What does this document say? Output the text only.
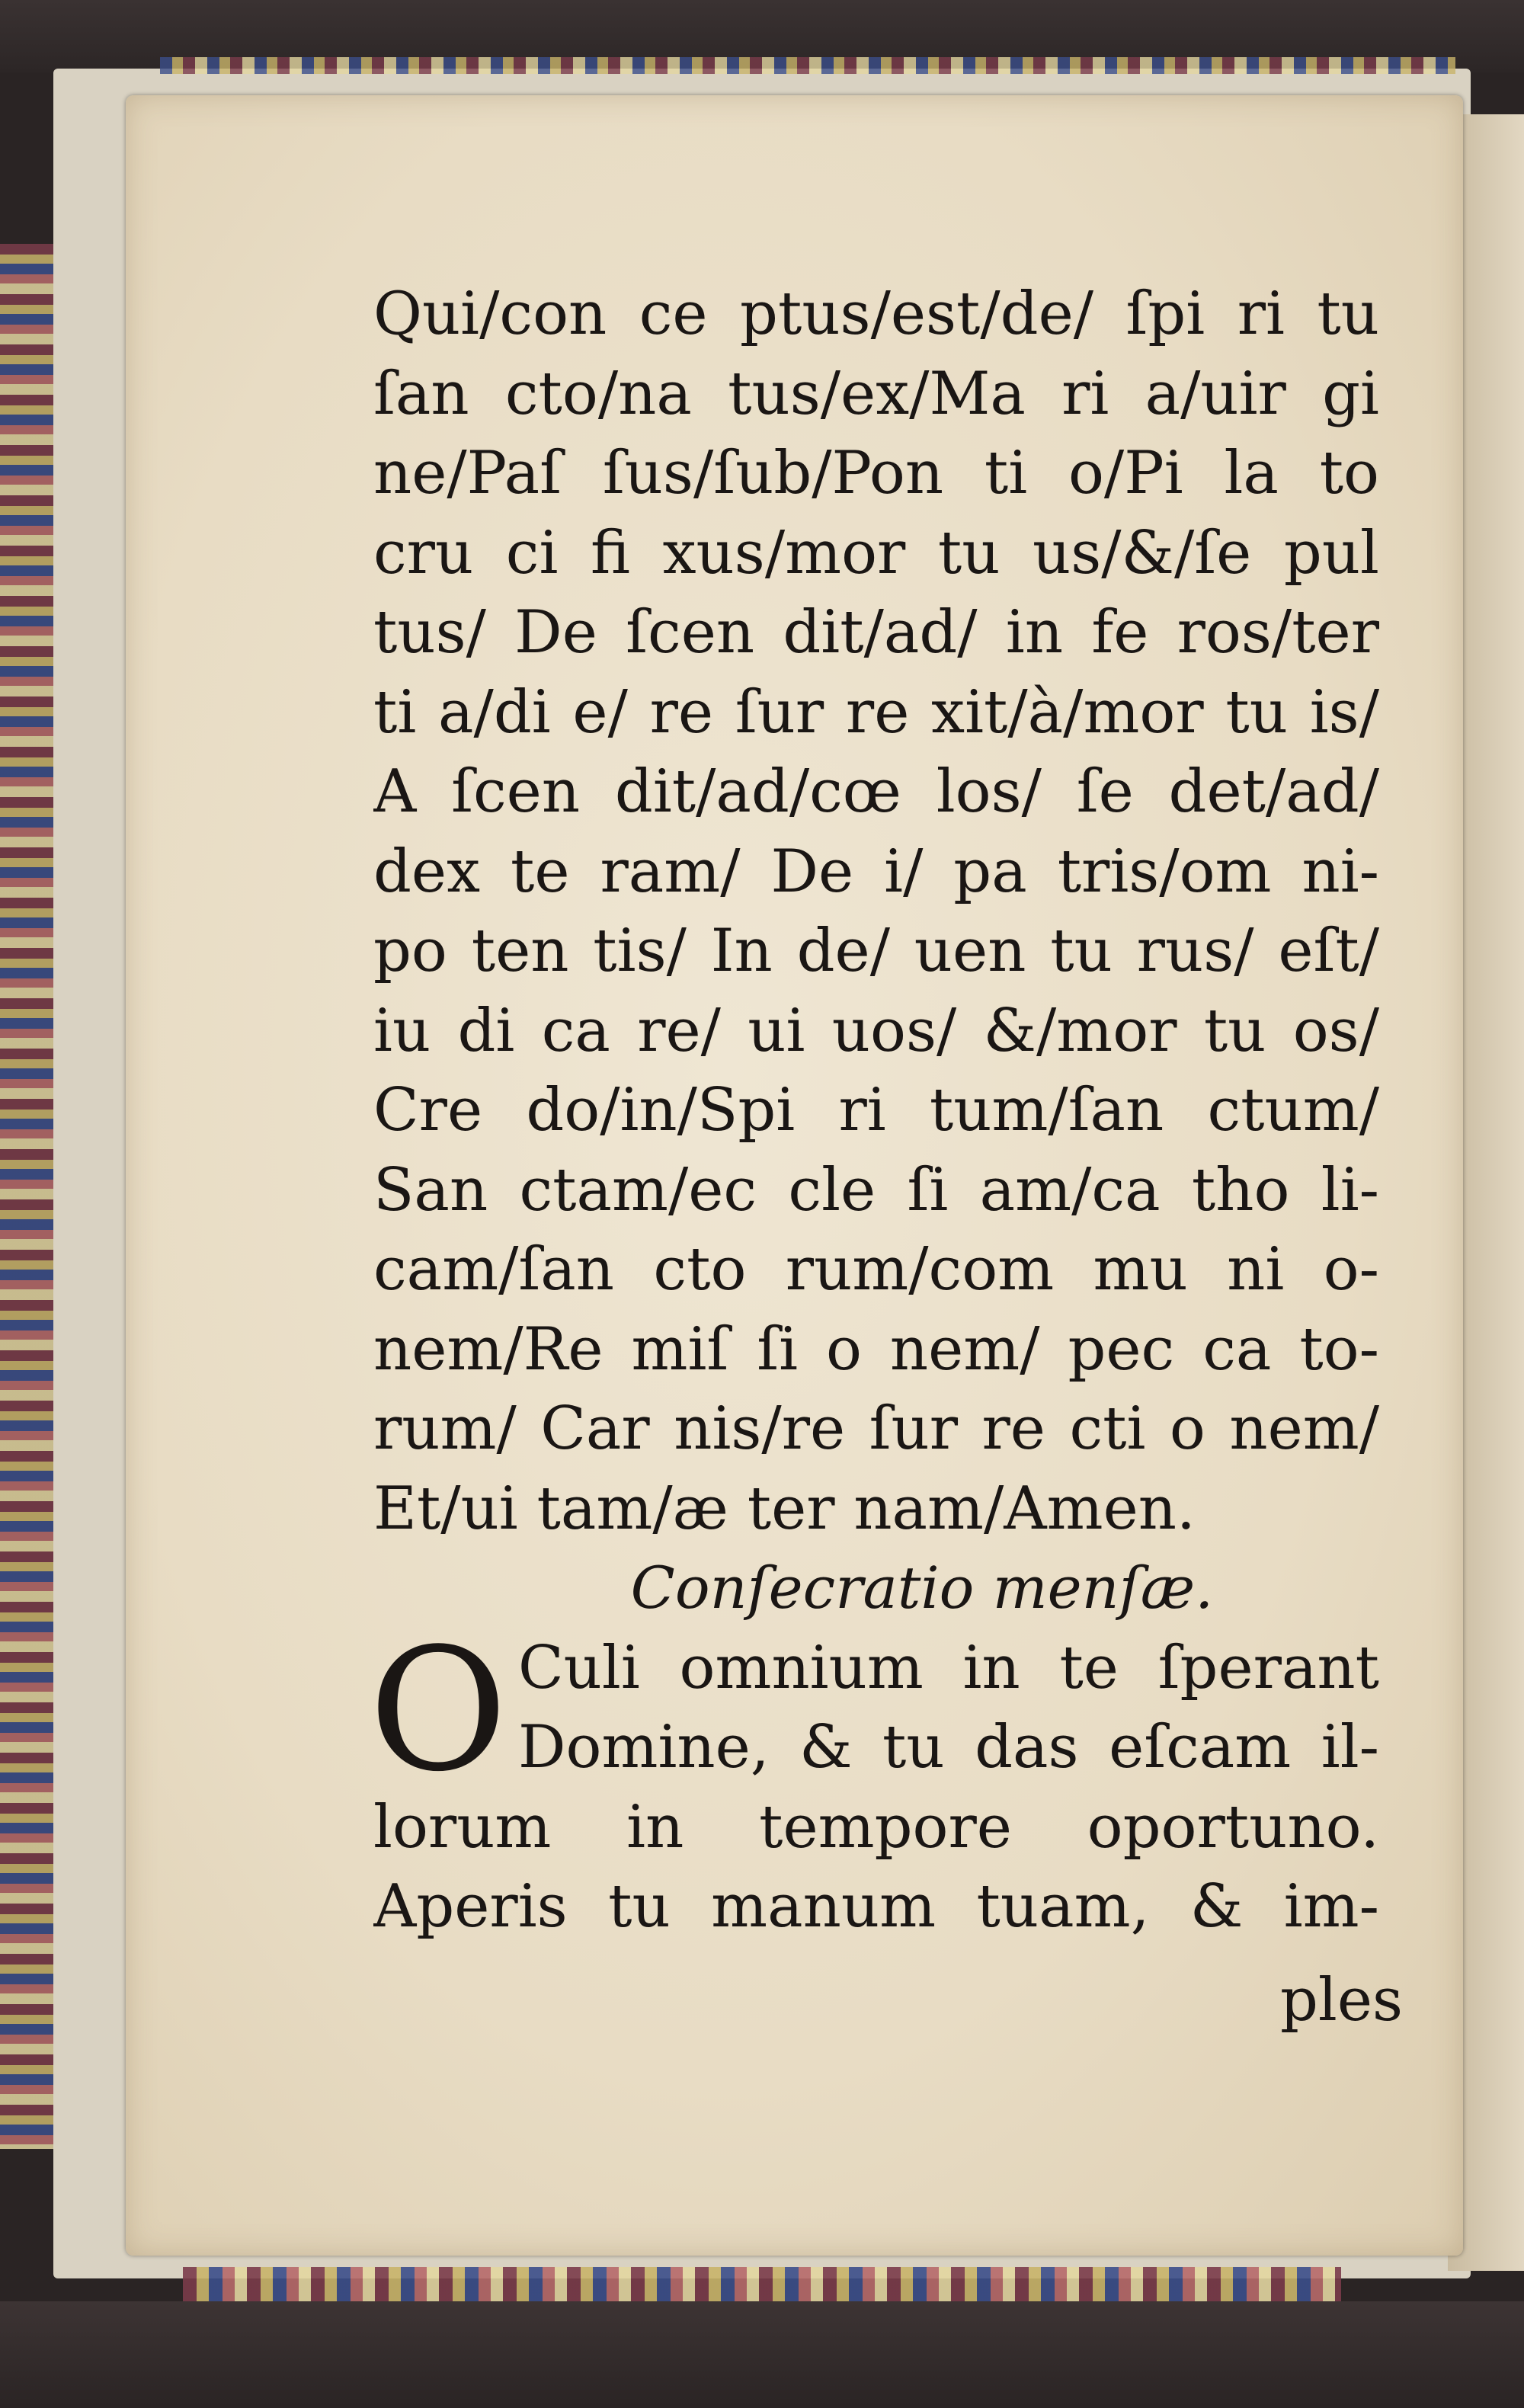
Qui/con ce ptus/est/de/ ſpi ri tu
ſan cto/na tus/ex/Ma ri a/uir gi
ne/Paſ ſus/ſub/Pon ti o/Pi la to
cru ci fi xus/mor tu us/&/ſe pul
tus/ De ſcen dit/ad/ in fe ros/ter
ti a/di e/ re ſur re xit/à/mor tu is/
A ſcen dit/ad/cœ los/ ſe det/ad/
dex te ram/ De i/ pa tris/om ni-
po ten tis/ In de/ uen tu rus/ eſt/
iu di ca re/ ui uos/ &/mor tu os/
Cre do/in/Spi ri tum/ſan ctum/
San ctam/ec cle ſi am/ca tho li-
cam/ſan cto rum/com mu ni o-
nem/Re miſ ſi o nem/ pec ca to-
rum/ Car nis/re ſur re cti o nem/
Et/ui tam/æ ter nam/Amen.
Conſecratio menſæ.
O Culi omnium in te ſperant
Domine, & tu das eſcam il-
lorum in tempore oportuno.
Aperis tu manum tuam, & im-
ples
